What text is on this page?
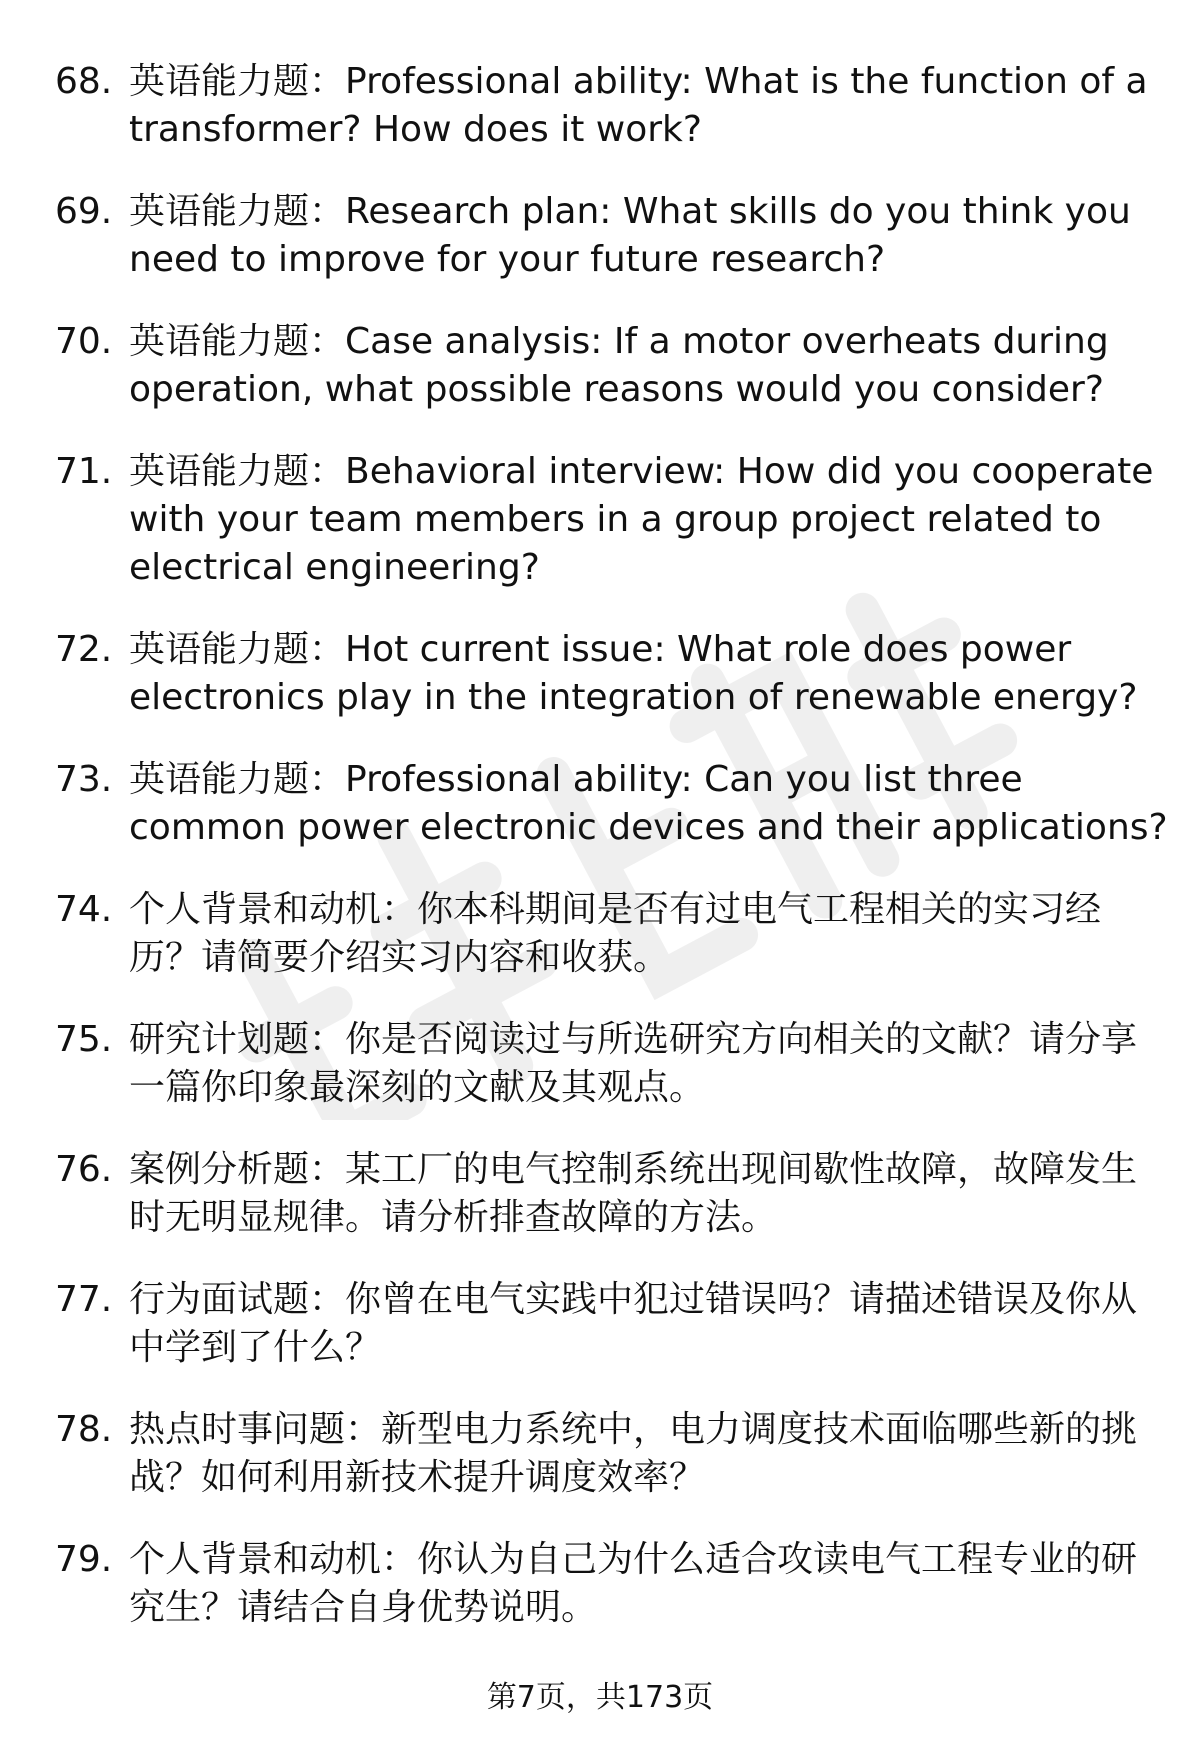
68. 英语能力题：Professional ability: What is the function of a transformer? How does it work?
69. 英语能力题：Research plan: What skills do you think you need to improve for your future research?
70. 英语能力题：Case analysis: If a motor overheats during operation, what possible reasons would you consider?
71. 英语能力题：Behavioral interview: How did you cooperate with your team members in a group project related to electrical engineering?
72. 英语能力题：Hot current issue: What role does power electronics play in the integration of renewable energy?
73. 英语能力题：Professional ability: Can you list three common power electronic devices and their applications?
74. 个人背景和动机：你本科期间是否有过电气工程相关的实习经历？请简要介绍实习内容和收获。
75. 研究计划题：你是否阅读过与所选研究方向相关的文献？请分享一篇你印象最深刻的文献及其观点。
76. 案例分析题：某工厂的电气控制系统出现间歇性故障，故障发生时无明显规律。请分析排查故障的方法。
77. 行为面试题：你曾在电气实践中犯过错误吗？请描述错误及你从中学到了什么？
78. 热点时事问题：新型电力系统中，电力调度技术面临哪些新的挑战？如何利用新技术提升调度效率？
79. 个人背景和动机：你认为自己为什么适合攻读电气工程专业的研究生？请结合自身优势说明。
第7页，共173页
